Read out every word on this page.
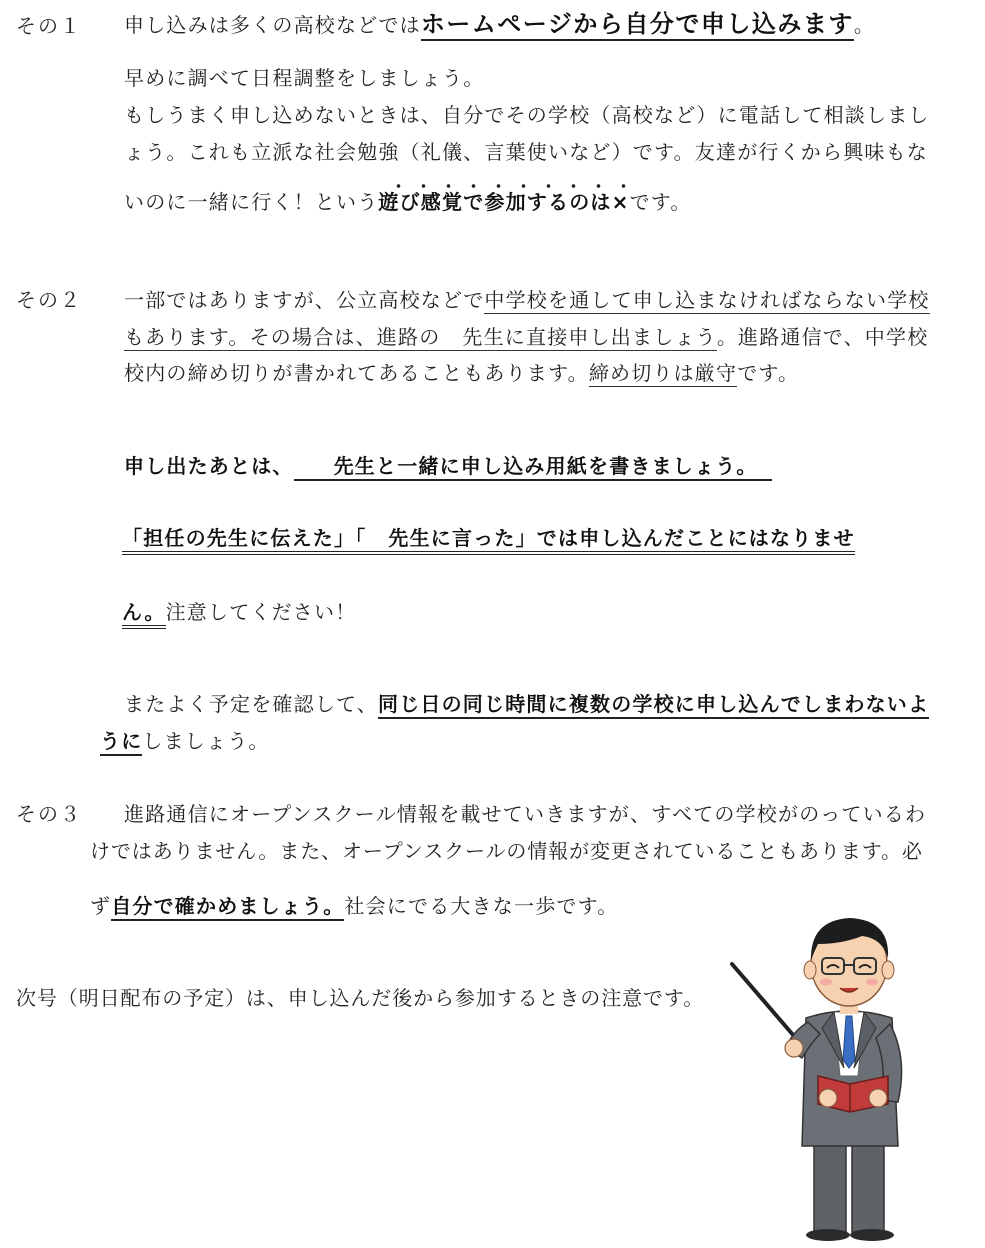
その１ 申し込みは多くの高校などではホームページから自分で申し込みます。
早めに調べて日程調整をしましょう。
もしうまく申し込めないときは、自分でその学校（高校など）に電話して相談しまし
ょう。これも立派な社会勉強（礼儀、言葉使いなど）です。友達が行くから興味もな
いのに一緒に行く！という遊び感覚で参加するのは×です。
その２ 一部ではありますが、公立高校などで中学校を通して申し込まなければならない学校
もあります。その場合は、進路の 先生に直接申し出ましょう。進路通信で、中学校
校内の締め切りが書かれてあることもあります。締め切りは厳守です。
申し出たあとは、 先生と一緒に申し込み用紙を書きましょう。
「担任の先生に伝えた」「 先生に言った」では申し込んだことにはなりませ
ん。注意してください！
またよく予定を確認して、同じ日の同じ時間に複数の学校に申し込んでしまわないよ
うにしましょう。
その３ 進路通信にオープンスクール情報を載せていきますが、すべての学校がのっているわ
けではありません。また、オープンスクールの情報が変更されていることもあります。必
ず自分で確かめましょう。社会にでる大きな一歩です。
次号（明日配布の予定）は、申し込んだ後から参加するときの注意です。
